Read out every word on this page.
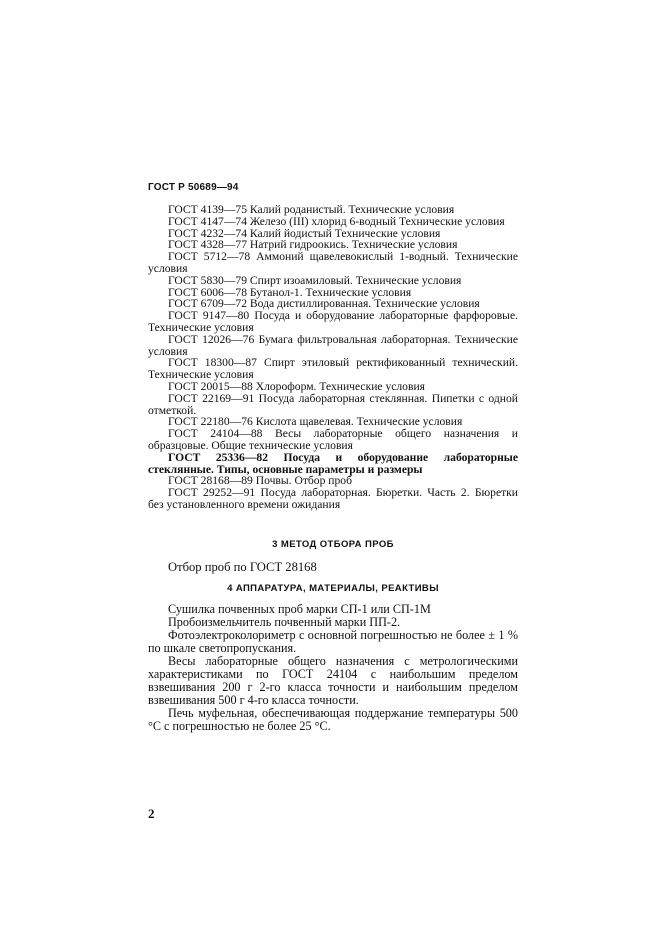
ГОСТ Р 50689—94

ГОСТ 4139—75 Калий роданистый. Технические условия

ГОСТ 4147—74 Железо (III) хлорид 6-водный Технические условия

ГОСТ 4232—74 Калий йодистый Технические условия

ГОСТ 4328—77 Натрий гидроокись. Технические условия

ГОСТ 5712—78 Аммоний щавелевокислый 1-водный. Технические условия

ГОСТ 5830—79 Спирт изоамиловый. Технические условия

ГОСТ 6006—78 Бутанол-1. Технические условия

ГОСТ 6709—72 Вода дистиллированная. Технические условия

ГОСТ 9147—80 Посуда и оборудование лабораторные фарфоровые. Технические условия

ГОСТ 12026—76 Бумага фильтровальная лабораторная. Технические условия

ГОСТ 18300—87 Спирт этиловый ректификованный технический. Технические условия

ГОСТ 20015—88 Хлороформ. Технические условия

ГОСТ 22169—91 Посуда лабораторная стеклянная. Пипетки с одной отметкой.

ГОСТ 22180—76 Кислота щавелевая. Технические условия

ГОСТ 24104—88 Весы лабораторные общего назначения и образцовые. Общие технические условия

ГОСТ 25336—82 Посуда и оборудование лабораторные стеклянные. Типы, основные параметры и размеры

ГОСТ 28168—89 Почвы. Отбор проб

ГОСТ 29252—91 Посуда лабораторная. Бюретки. Часть 2. Бюретки без установленного времени ожидания

3 МЕТОД ОТБОРА ПРОБ

Отбор проб по ГОСТ 28168

4 АППАРАТУРА, МАТЕРИАЛЫ, РЕАКТИВЫ

Сушилка почвенных проб марки СП-1 или СП-1М

Пробоизмельчитель почвенный марки ПП-2.

Фотоэлектроколориметр с основной погрешностью не более ± 1 % по шкале светопропускания.

Весы лабораторные общего назначения с метрологическими характеристиками по ГОСТ 24104 с наибольшим пределом взвешивания 200 г 2-го класса точности и наибольшим пределом взвешивания 500 г 4-го класса точности.

Печь муфельная, обеспечивающая поддержание температуры 500 °С с погрешностью не более 25 °С.

2
